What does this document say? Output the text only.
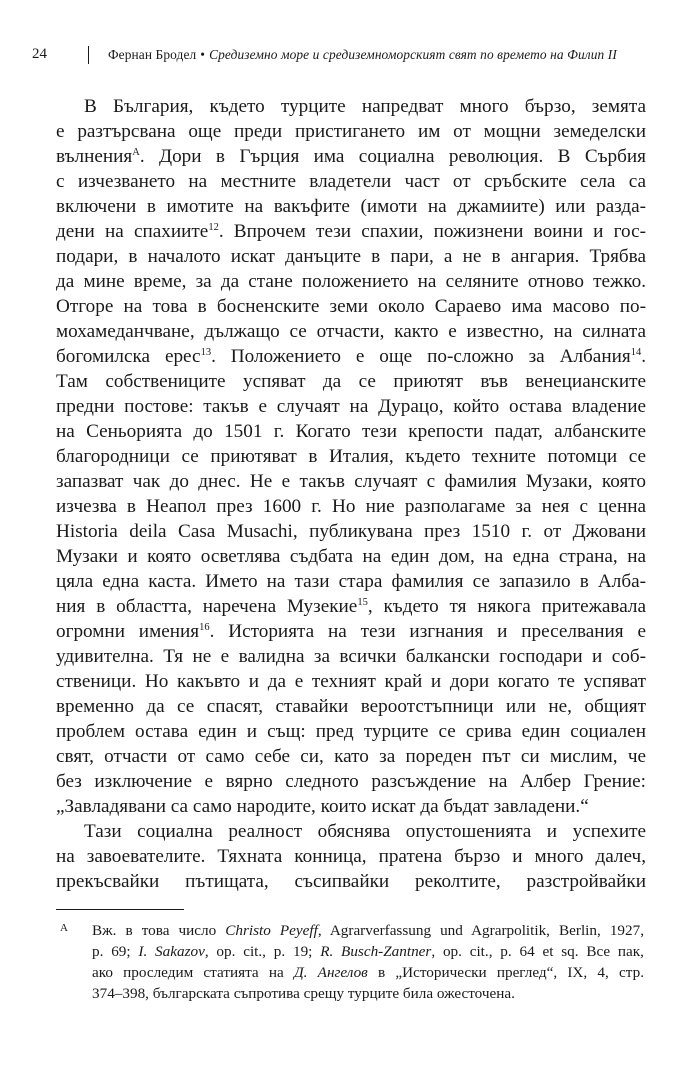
24	Фернан Бродел • Средиземно море и средиземноморският свят по времето на Филип II
В България, където турците напредват много бързо, земята
е разтърсвана още преди пристигането им от мощни земеделски
вълнения$^A$. Дори в Гърция има социална революция. В Сърбия
с изчезването на местните владетели част от сръбските села са
включени в имотите на вакъфите (имоти на джамиите) или разда-
дени на спахиите$^{12}$. Впрочем тези спахии, пожизнени воини и гос-
подари, в началото искат данъците в пари, а не в ангария. Трябва
да мине време, за да стане положението на селяните отново тежко.
Отгоре на това в босненските земи около Сараево има масово по-
мохамеданчване, дължащо се отчасти, както е известно, на силната
богомилска ерес$^{13}$. Положението е още по-сложно за Албания$^{14}$.
Там собствениците успяват да се приютят във венецианските
предни постове: такъв е случаят на Дурацо, който остава владение
на Сеньорията до 1501 г. Когато тези крепости падат, албанските
благородници се приютяват в Италия, където техните потомци се
запазват чак до днес. Не е такъв случаят с фамилия Музаки, която
изчезва в Неапол през 1600 г. Но ние разполагаме за нея с ценна
Historia deila Casa Musachi, публикувана през 1510 г. от Джовани
Музаки и която осветлява съдбата на един дом, на една страна, на
цяла една каста. Името на тази стара фамилия се запазило в Алба-
ния в областта, наречена Музекие$^{15}$, където тя някога притежавала
огромни имения$^{16}$. Историята на тези изгнания и преселвания е
удивителна. Тя не е валидна за всички балкански господари и соб-
ственици. Но какъвто и да е техният край и дори когато те успяват
временно да се спасят, ставайки вероотстъпници или не, общият
проблем остава един и същ: пред турците се срива един социален
свят, отчасти от само себе си, като за пореден път си мислим, че
без изключение е вярно следното разсъждение на Албер Грение:
„Завладявани са само народите, които искат да бъдат завладени.“
Тази социална реалност обяснява опустошенията и успехите
на завоевателите. Тяхната конница, пратена бързо и много далеч,
прекъсвайки пътищата, съсипвайки реколтите, разстройвайки
A	Вж. в това число Christo Peyeff, Agrarverfassung und Agrarpolitik, Berlin, 1927,
p. 69; I. Sakazov, op. cit., p. 19; R. Busch-Zantner, op. cit., p. 64 et sq. Все пак,
ако проследим статията на Д. Ангелов в „Исторически преглед“, IX, 4, стр.
374–398, българската съпротива срещу турците била ожесточена.
